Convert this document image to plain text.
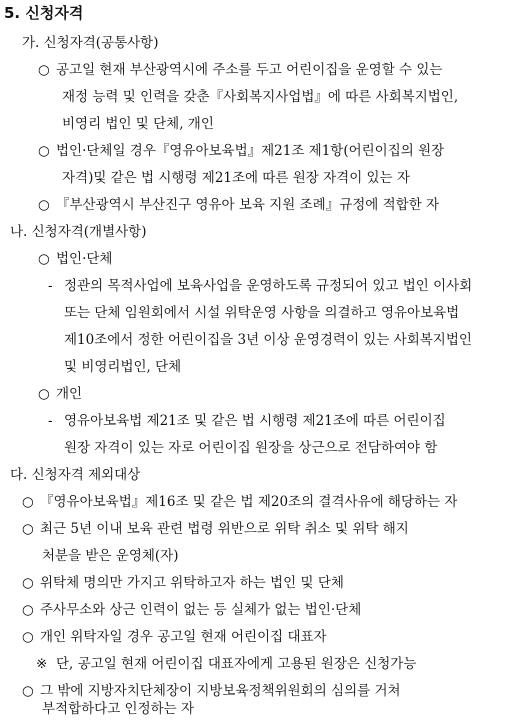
5. 신청자격
가. 신청자격(공통사항)
○ 공고일 현재 부산광역시에 주소를 두고 어린이집을 운영할 수 있는
재정 능력 및 인력을 갖춘『사회복지사업법』에 따른 사회복지법인,
비영리 법인 및 단체, 개인
○ 법인·단체일 경우『영유아보육법』제21조 제1항(어린이집의 원장
자격)및 같은 법 시행령 제21조에 따른 원장 자격이 있는 자
○ 『부산광역시 부산진구 영유아 보육 지원 조례』규정에 적합한 자
나. 신청자격(개별사항)
○ 법인·단체
- 정관의 목적사업에 보육사업을 운영하도록 규정되어 있고 법인 이사회
또는 단체 임원회에서 시설 위탁운영 사항을 의결하고 영유아보육법
제10조에서 정한 어린이집을 3년 이상 운영경력이 있는 사회복지법인
및 비영리법인, 단체
○ 개인
- 영유아보육법 제21조 및 같은 법 시행령 제21조에 따른 어린이집
원장 자격이 있는 자로 어린이집 원장을 상근으로 전담하여야 함
다. 신청자격 제외대상
○ 『영유아보육법』제16조 및 같은 법 제20조의 결격사유에 해당하는 자
○ 최근 5년 이내 보육 관련 법령 위반으로 위탁 취소 및 위탁 해지
처분을 받은 운영체(자)
○ 위탁체 명의만 가지고 위탁하고자 하는 법인 및 단체
○ 주사무소와 상근 인력이 없는 등 실체가 없는 법인·단체
○ 개인 위탁자일 경우 공고일 현재 어린이집 대표자
※ 단, 공고일 현재 어린이집 대표자에게 고용된 원장은 신청가능
○ 그 밖에 지방자치단체장이 지방보육정책위원회의 심의를 거쳐
부적합하다고 인정하는 자
